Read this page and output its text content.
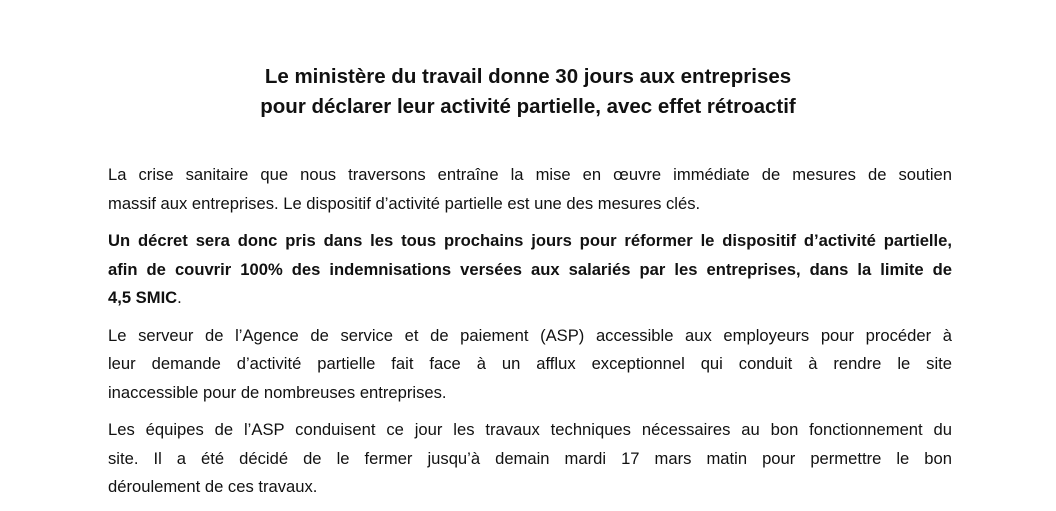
Le ministère du travail donne 30 jours aux entreprises
pour déclarer leur activité partielle, avec effet rétroactif

La crise sanitaire que nous traversons entraîne la mise en œuvre immédiate de mesures de soutien
massif aux entreprises. Le dispositif d’activité partielle est une des mesures clés.

Un décret sera donc pris dans les tous prochains jours pour réformer le dispositif d’activité partielle,
afin de couvrir 100% des indemnisations versées aux salariés par les entreprises, dans la limite de
4,5 SMIC.

Le serveur de l’Agence de service et de paiement (ASP) accessible aux employeurs pour procéder à
leur demande d’activité partielle fait face à un afflux exceptionnel qui conduit à rendre le site
inaccessible pour de nombreuses entreprises.

Les équipes de l’ASP conduisent ce jour les travaux techniques nécessaires au bon fonctionnement du
site. Il a été décidé de le fermer jusqu’à demain mardi 17 mars matin pour permettre le bon
déroulement de ces travaux.
